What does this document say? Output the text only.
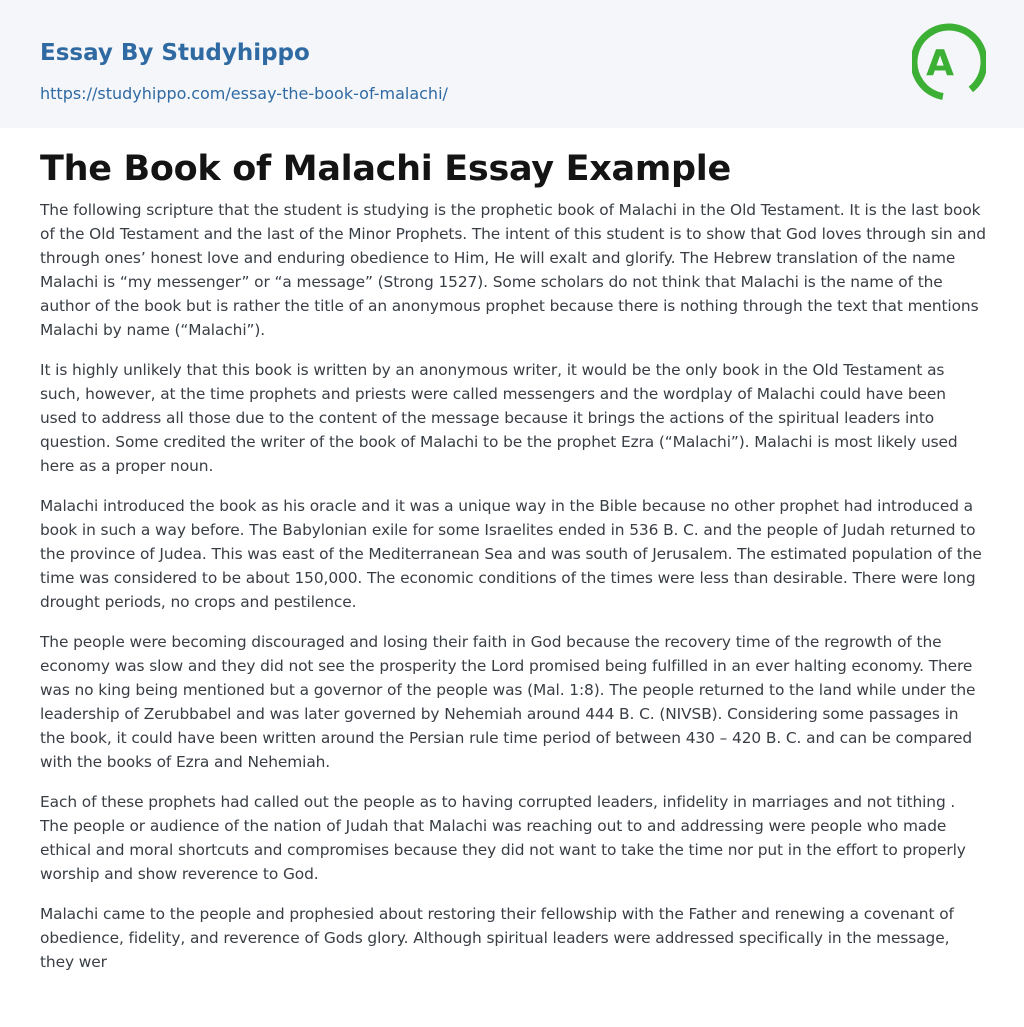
Essay By Studyhippo
https://studyhippo.com/essay-the-book-of-malachi/
A
The Book of Malachi Essay Example

The following scripture that the student is studying is the prophetic book of Malachi in the Old Testament. It is the last book of the Old Testament and the last of the Minor Prophets. The intent of this student is to show that God loves through sin and through ones’ honest love and enduring obedience to Him, He will exalt and glorify. The Hebrew translation of the name Malachi is “my messenger” or “a message” (Strong 1527). Some scholars do not think that Malachi is the name of the author of the book but is rather the title of an anonymous prophet because there is nothing through the text that mentions Malachi by name (“Malachi”).

It is highly unlikely that this book is written by an anonymous writer, it would be the only book in the Old Testament as such, however, at the time prophets and priests were called messengers and the wordplay of Malachi could have been used to address all those due to the content of the message because it brings the actions of the spiritual leaders into question. Some credited the writer of the book of Malachi to be the prophet Ezra (“Malachi”). Malachi is most likely used here as a proper noun.

Malachi introduced the book as his oracle and it was a unique way in the Bible because no other prophet had introduced a book in such a way before. The Babylonian exile for some Israelites ended in 536 B. C. and the people of Judah returned to the province of Judea. This was east of the Mediterranean Sea and was south of Jerusalem. The estimated population of the time was considered to be about 150,000. The economic conditions of the times were less than desirable. There were long drought periods, no crops and pestilence.

The people were becoming discouraged and losing their faith in God because the recovery time of the regrowth of the economy was slow and they did not see the prosperity the Lord promised being fulfilled in an ever halting economy. There was no king being mentioned but a governor of the people was (Mal. 1:8). The people returned to the land while under the leadership of Zerubbabel and was later governed by Nehemiah around 444 B. C. (NIVSB). Considering some passages in the book, it could have been written around the Persian rule time period of between 430 – 420 B. C. and can be compared with the books of Ezra and Nehemiah.

Each of these prophets had called out the people as to having corrupted leaders, infidelity in marriages and not tithing . The people or audience of the nation of Judah that Malachi was reaching out to and addressing were people who made ethical and moral shortcuts and compromises because they did not want to take the time nor put in the effort to properly worship and show reverence to God.

Malachi came to the people and prophesied about restoring their fellowship with the Father and renewing a covenant of obedience, fidelity, and reverence of Gods glory. Although spiritual leaders were addressed specifically in the message, they wer
